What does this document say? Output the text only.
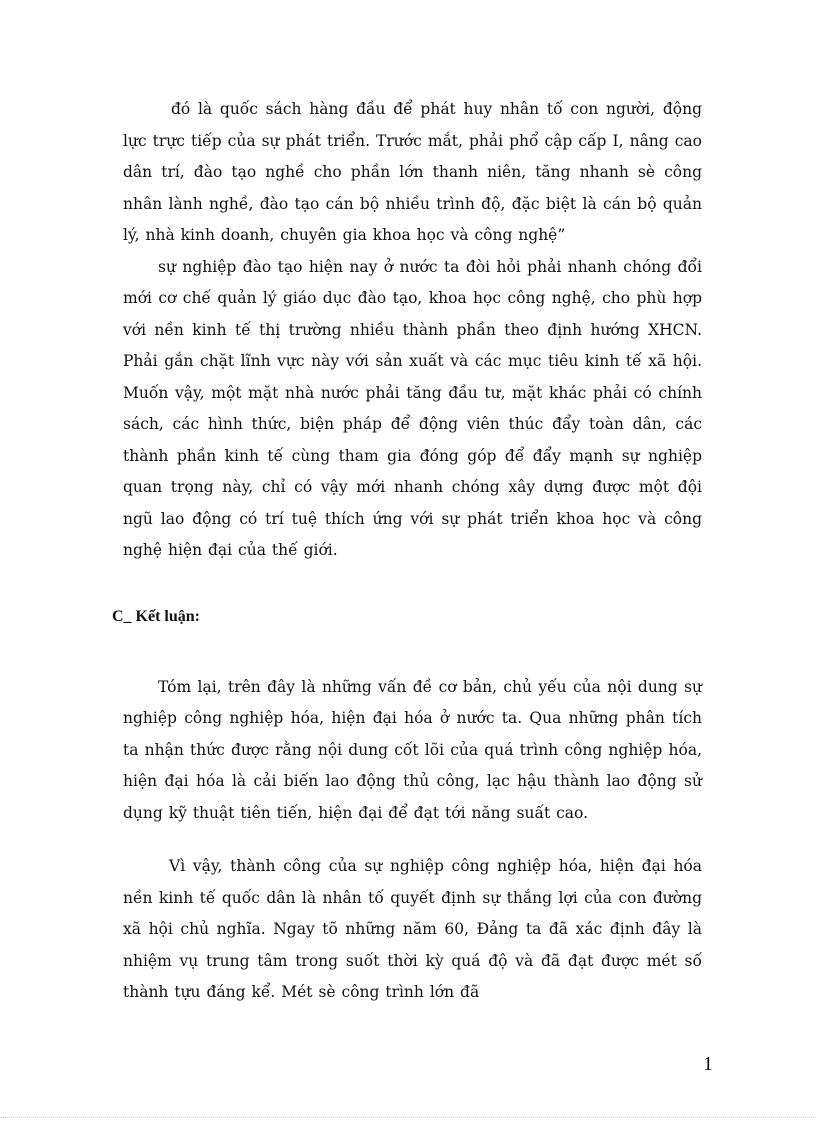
đó là quốc sách hàng đầu để phát huy nhân tố con người, động lực trực tiếp của sự phát triển. Trước mắt, phải phổ cập cấp I, nâng cao dân trí, đào tạo nghề cho phần lớn thanh niên, tăng nhanh sè công nhân lành nghề, đào tạo cán bộ nhiều trình độ, đặc biệt là cán bộ quản lý, nhà kinh doanh, chuyên gia khoa học và công nghệ”

sự nghiệp đào tạo hiện nay ở nước ta đòi hỏi phải nhanh chóng đổi mới cơ chế quản lý giáo dục đào tạo, khoa học công nghệ, cho phù hợp với nền kinh tế thị trường nhiều thành phần theo định hướng XHCN. Phải gắn chặt lĩnh vực này với sản xuất và các mục tiêu kinh tế xã hội. Muốn vậy, một mặt nhà nước phải tăng đầu tư, mặt khác phải có chính sách, các hình thức, biện pháp để động viên thúc đẩy toàn dân, các thành phần kinh tế cùng tham gia đóng góp để đẩy mạnh sự nghiệp quan trọng này, chỉ có vậy mới nhanh chóng xây dựng được một đội ngũ lao động có trí tuệ thích ứng với sự phát triển khoa học và công nghệ hiện đại của thế giới.

C_ Kết luận:

Tóm lại, trên đây là những vấn đề cơ bản, chủ yếu của nội dung sự nghiệp công nghiệp hóa, hiện đại hóa ở nước ta. Qua những phân tích ta nhận thức được rằng nội dung cốt lõi của quá trình công nghiệp hóa, hiện đại hóa là cải biến lao động thủ công, lạc hậu thành lao động sử dụng kỹ thuật tiên tiến, hiện đại để đạt tới năng suất cao.

Vì vậy, thành công của sự nghiệp công nghiệp hóa, hiện đại hóa nền kinh tế quốc dân là nhân tố quyết định sự thắng lợi của con đường xã hội chủ nghĩa. Ngay tõ những năm 60, Đảng ta đã xác định đây là nhiệm vụ trung tâm trong suốt thời kỳ quá độ và đã đạt được mét số thành tựu đáng kể. Mét sè công trình lớn đã

1
